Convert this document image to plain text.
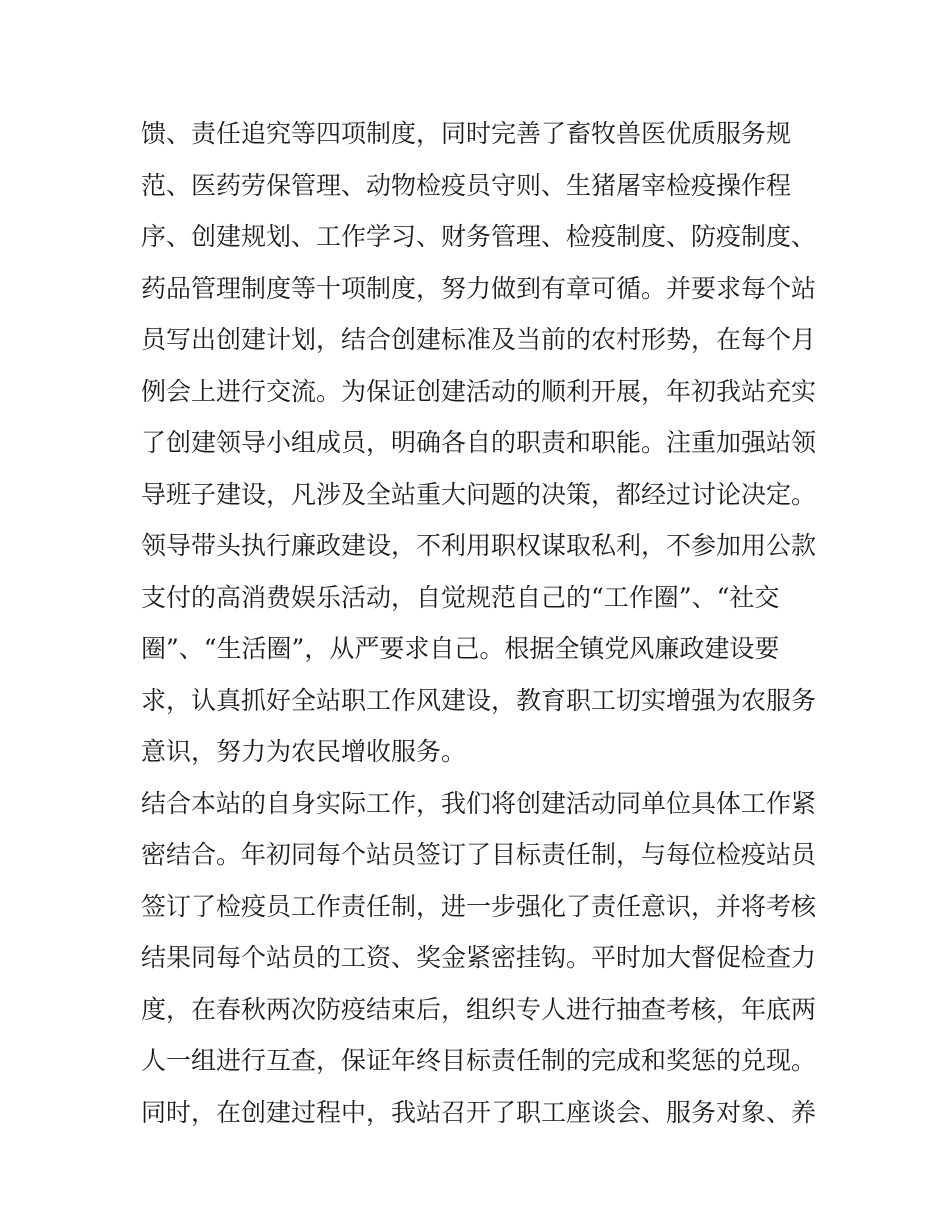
馈、责任追究等四项制度，同时完善了畜牧兽医优质服务规
范、医药劳保管理、动物检疫员守则、生猪屠宰检疫操作程
序、创建规划、工作学习、财务管理、检疫制度、防疫制度、
药品管理制度等十项制度，努力做到有章可循。并要求每个站
员写出创建计划，结合创建标准及当前的农村形势，在每个月
例会上进行交流。为保证创建活动的顺利开展，年初我站充实
了创建领导小组成员，明确各自的职责和职能。注重加强站领
导班子建设，凡涉及全站重大问题的决策，都经过讨论决定。
领导带头执行廉政建设，不利用职权谋取私利，不参加用公款
支付的高消费娱乐活动，自觉规范自己的“工作圈”、“社交
圈”、“生活圈”，从严要求自己。根据全镇党风廉政建设要
求，认真抓好全站职工作风建设，教育职工切实增强为农服务
意识，努力为农民增收服务。
结合本站的自身实际工作，我们将创建活动同单位具体工作紧
密结合。年初同每个站员签订了目标责任制，与每位检疫站员
签订了检疫员工作责任制，进一步强化了责任意识，并将考核
结果同每个站员的工资、奖金紧密挂钩。平时加大督促检查力
度，在春秋两次防疫结束后，组织专人进行抽查考核，年底两
人一组进行互查，保证年终目标责任制的完成和奖惩的兑现。
同时，在创建过程中，我站召开了职工座谈会、服务对象、养
